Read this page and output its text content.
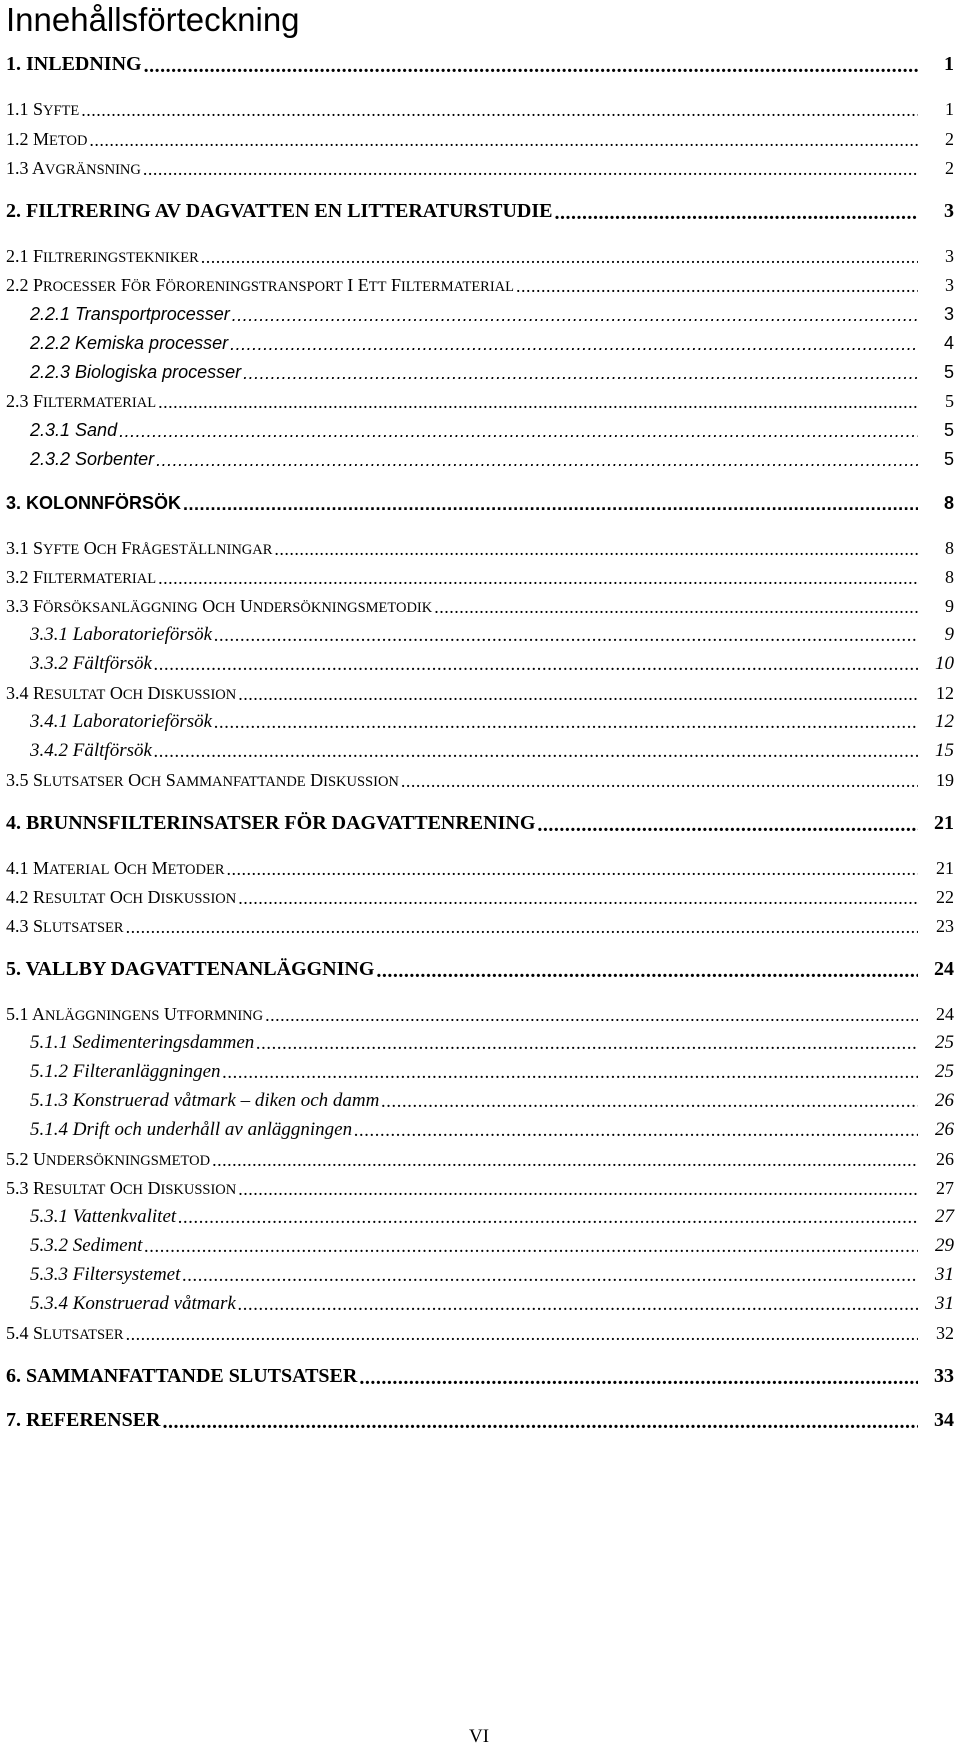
Innehållsförteckning
1. INLEDNING .....	1
1.1 SYFTE .....	1
1.2 METOD .....	2
1.3 AVGRÄNSNING .....	2
2. FILTRERING AV DAGVATTEN EN LITTERATURSTUDIE .....	3
2.1 FILTRERINGSTEKNIKER .....	3
2.2 PROCESSER FÖR FÖRORENINGSTRANSPORT I ETT FILTERMATERIAL .....	3
2.2.1 Transportprocesser .....	3
2.2.2 Kemiska processer .....	4
2.2.3 Biologiska processer .....	5
2.3 FILTERMATERIAL .....	5
2.3.1 Sand .....	5
2.3.2 Sorbenter .....	5
3. KOLONNFÖRSÖK .....	8
3.1 SYFTE OCH FRÅGESTÄLLNINGAR .....	8
3.2 FILTERMATERIAL .....	8
3.3 FÖRSÖKSANLÄGGNING OCH UNDERSÖKNINGSMETODIK .....	9
3.3.1 Laboratorieförsök .....	9
3.3.2 Fältförsök .....	10
3.4 RESULTAT OCH DISKUSSION .....	12
3.4.1 Laboratorieförsök .....	12
3.4.2 Fältförsök .....	15
3.5 SLUTSATSER OCH SAMMANFATTANDE DISKUSSION .....	19
4. BRUNNSFILTERINSATSER FÖR DAGVATTENRENING .....	21
4.1 MATERIAL OCH METODER .....	21
4.2 RESULTAT OCH DISKUSSION .....	22
4.3 SLUTSATSER .....	23
5. VALLBY DAGVATTENANLÄGGNING .....	24
5.1 ANLÄGGNINGENS UTFORMNING .....	24
5.1.1 Sedimenteringsdammen .....	25
5.1.2 Filteranläggningen .....	25
5.1.3 Konstruerad våtmark – diken och damm .....	26
5.1.4 Drift och underhåll av anläggningen .....	26
5.2 UNDERSÖKNINGSMETOD .....	26
5.3 RESULTAT OCH DISKUSSION .....	27
5.3.1 Vattenkvalitet .....	27
5.3.2 Sediment .....	29
5.3.3 Filtersystemet .....	31
5.3.4 Konstruerad våtmark .....	31
5.4 SLUTSATSER .....	32
6. SAMMANFATTANDE SLUTSATSER .....	33
7. REFERENSER .....	34
VI
